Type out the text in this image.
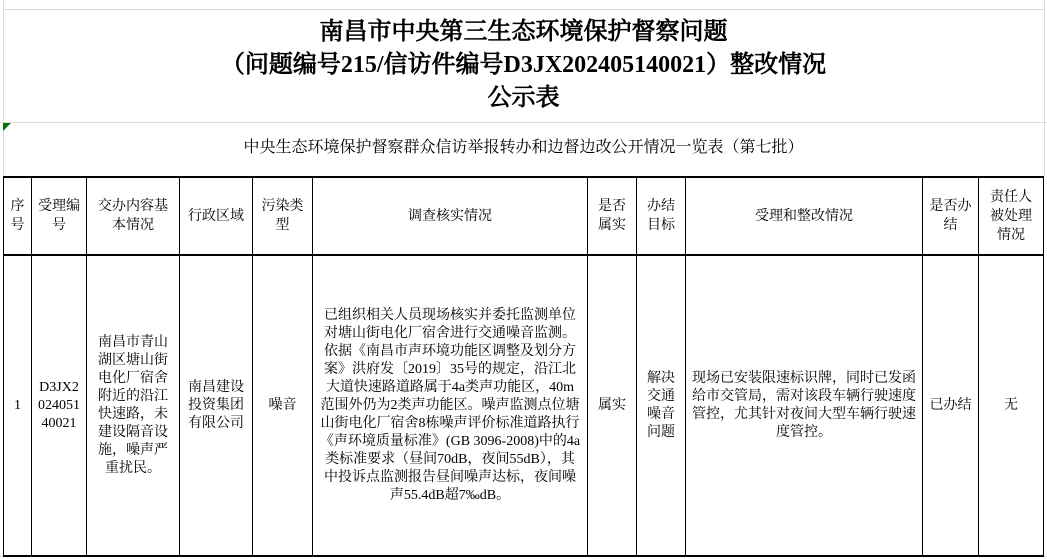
南昌市中央第三生态环境保护督察问题
（问题编号215/信访件编号D3JX202405140021）整改情况
公示表
中央生态环境保护督察群众信访举报转办和边督边改公开情况一览表（第七批）
序号	受理编号	交办内容基本情况	行政区域	污染类型	调查核实情况	是否属实	办结目标	受理和整改情况	是否办结	责任人被处理情况
1	D3JX202405140021	南昌市青山湖区塘山街电化厂宿舍附近的沿江快速路，未建设隔音设施，噪声严重扰民。	南昌建设投资集团有限公司	噪音	已组织相关人员现场核实并委托监测单位对塘山街电化厂宿舍进行交通噪音监测。依据《南昌市声环境功能区调整及划分方案》洪府发〔2019〕35号的规定，沿江北大道快速路道路属于4a类声功能区，40m范围外仍为2类声功能区。噪声监测点位塘山街电化厂宿舍8栋噪声评价标准道路执行《声环境质量标准》(GB 3096-2008)中的4a类标准要求（昼间70dB，夜间55dB），其中投诉点监测报告昼间噪声达标，夜间噪声55.4dB超7‰dB。	属实	解决交通噪音问题	现场已安装限速标识牌，同时已发函给市交管局，需对该段车辆行驶速度管控，尤其针对夜间大型车辆行驶速度管控。	已办结	无
